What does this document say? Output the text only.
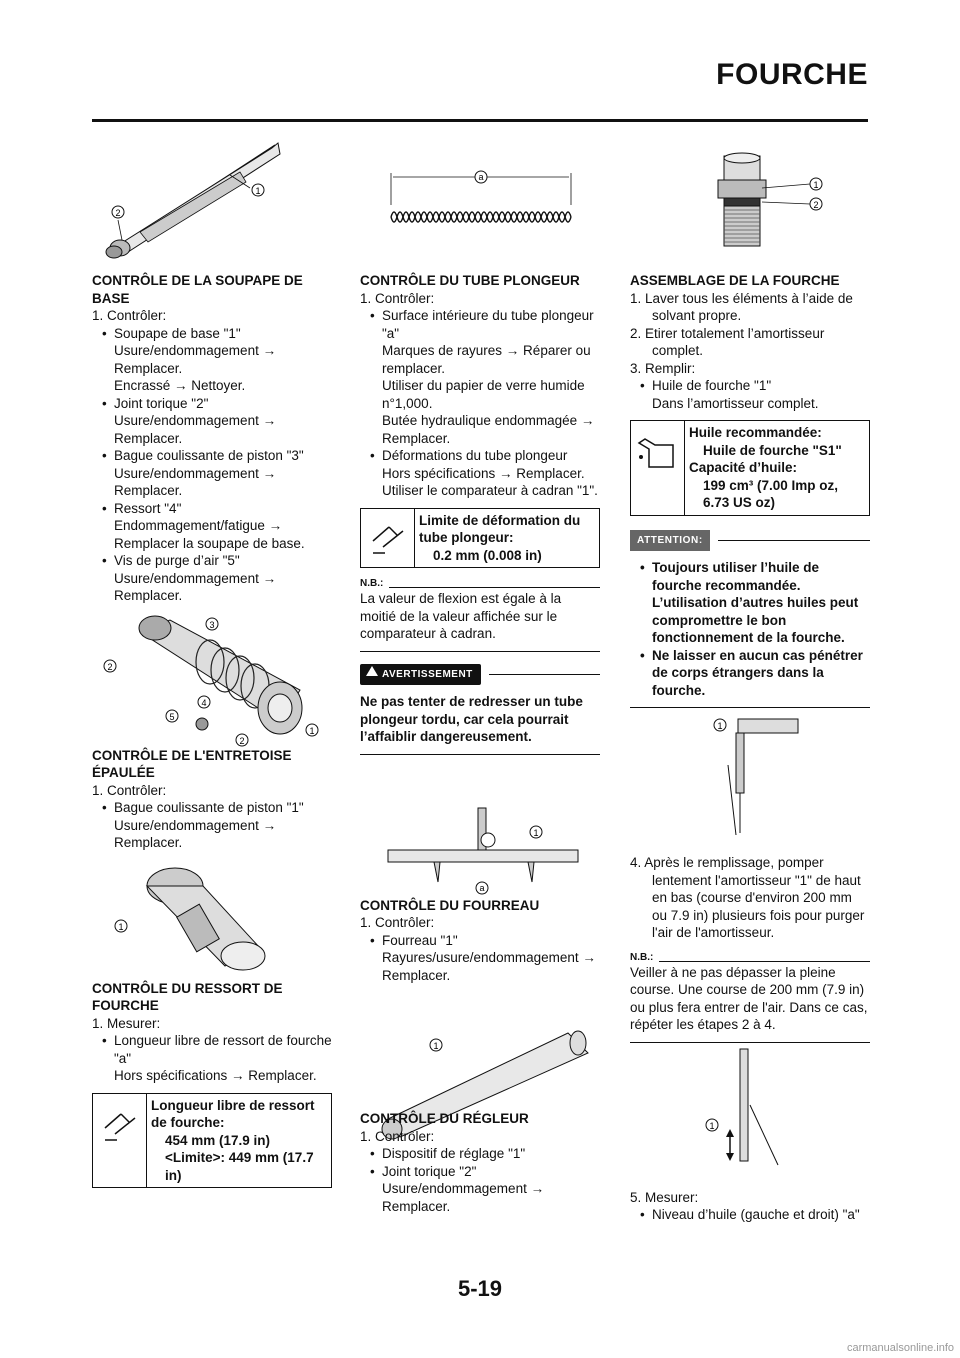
FOURCHE
1
2
a
1
2
3
2
4
5
2
1
1
1
a
1
1
1
CONTRÔLE DE LA SOUPAPE DE BASE
1. Contrôler:
• Soupape de base "1"
Usure/endommagement → Remplacer.
Encrassé → Nettoyer.
• Joint torique "2"
Usure/endommagement → Remplacer.
• Bague coulissante de piston "3"
Usure/endommagement → Remplacer.
• Ressort "4"
Endommagement/fatigue →
Remplacer la soupape de base.
• Vis de purge d’air "5"
Usure/endommagement → Remplacer.
CONTRÔLE DE L'ENTRETOISE ÉPAULÉE
1. Contrôler:
• Bague coulissante de piston "1"
Usure/endommagement → Remplacer.
CONTRÔLE DU RESSORT DE FOURCHE
1. Mesurer:
• Longueur libre de ressort de fourche "a"
Hors spécifications → Remplacer.
Longueur libre de ressort de fourche:
454 mm (17.9 in)
<Limite>: 449 mm (17.7 in)
CONTRÔLE DU TUBE PLONGEUR
1. Contrôler:
• Surface intérieure du tube plongeur "a"
Marques de rayures → Réparer ou remplacer.
Utiliser du papier de verre humide n°1,000.
Butée hydraulique endommagée → Remplacer.
• Déformations du tube plongeur
Hors spécifications → Remplacer.
Utiliser le comparateur à cadran "1".
Limite de déformation du tube plongeur:
0.2 mm (0.008 in)
N.B.:
La valeur de flexion est égale à la moitié de la valeur affichée sur le comparateur à cadran.
! AVERTISSEMENT
Ne pas tenter de redresser un tube plongeur tordu, car cela pourrait l’affaiblir dangereusement.
CONTRÔLE DU FOURREAU
1. Contrôler:
• Fourreau "1"
Rayures/usure/endommagement → Remplacer.
CONTRÔLE DU RÉGLEUR
1. Contrôler:
• Dispositif de réglage "1"
• Joint torique "2"
Usure/endommagement → Remplacer.
ASSEMBLAGE DE LA FOURCHE
1. Laver tous les éléments à l’aide de solvant propre.
2. Etirer totalement l’amortisseur complet.
3. Remplir:
• Huile de fourche "1"
Dans l’amortisseur complet.
Huile recommandée:
Huile de fourche "S1"
Capacité d’huile:
199 cm³ (7.00 Imp oz, 6.73 US oz)
ATTENTION:
• Toujours utiliser l’huile de fourche recommandée. L’utilisation d’autres huiles peut compromettre le bon fonctionnement de la fourche.
• Ne laisser en aucun cas pénétrer de corps étrangers dans la fourche.
4. Après le remplissage, pomper lentement l'amortisseur "1" de haut en bas (course d'environ 200 mm ou 7.9 in) plusieurs fois pour purger l'air de l'amortisseur.
N.B.:
Veiller à ne pas dépasser la pleine course. Une course de 200 mm (7.9 in) ou plus fera entrer de l'air. Dans ce cas, répéter les étapes 2 à 4.
5. Mesurer:
• Niveau d’huile (gauche et droit) "a"
5-19
carmanualsonline.info
